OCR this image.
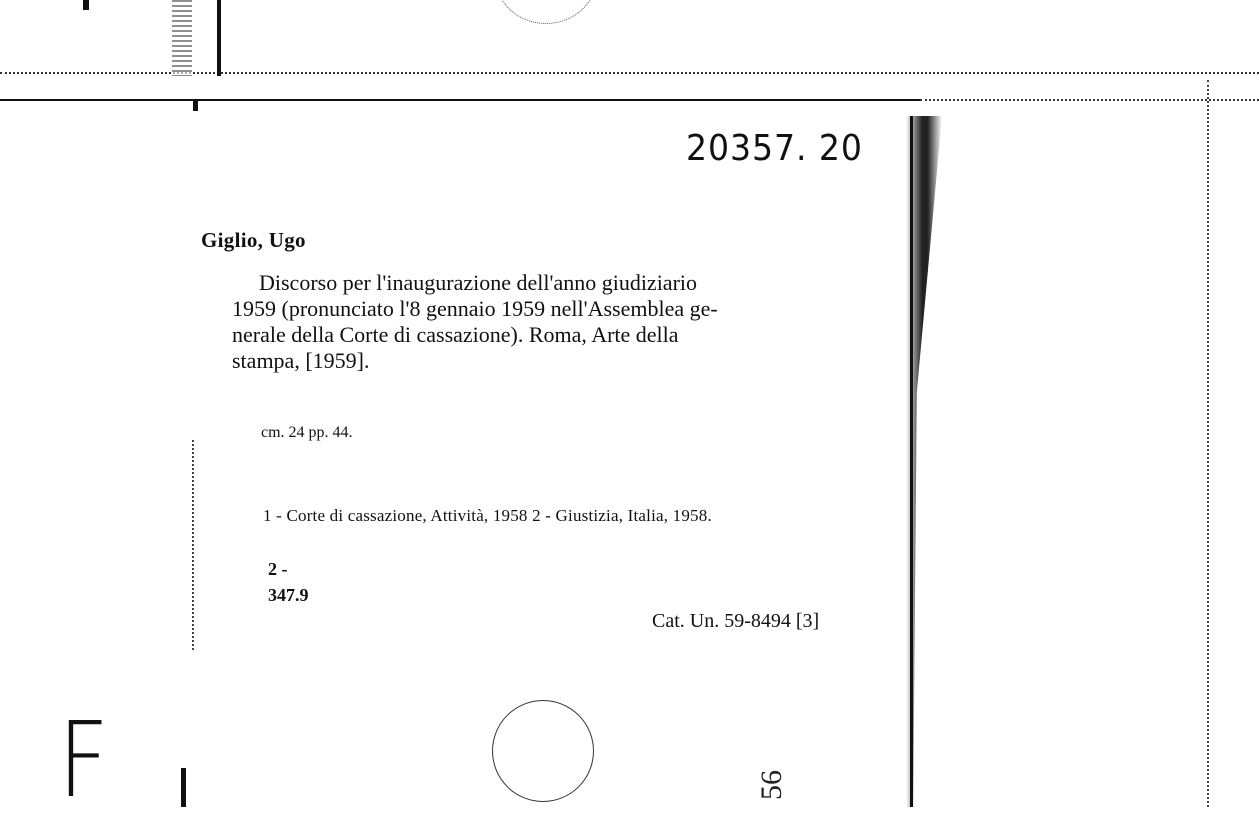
20357. 20
Giglio, Ugo
Discorso per l'inaugurazione dell'anno giudiziario
1959 (pronunciato l'8 gennaio 1959 nell'Assemblea ge-
nerale della Corte di cassazione). Roma, Arte della
stampa, [1959].
cm. 24 pp. 44.
1 - Corte di cassazione, Attività, 1958 2 - Giustizia, Italia, 1958.
2 -
347.9
Cat. Un. 59-8494 [3]
F	56
